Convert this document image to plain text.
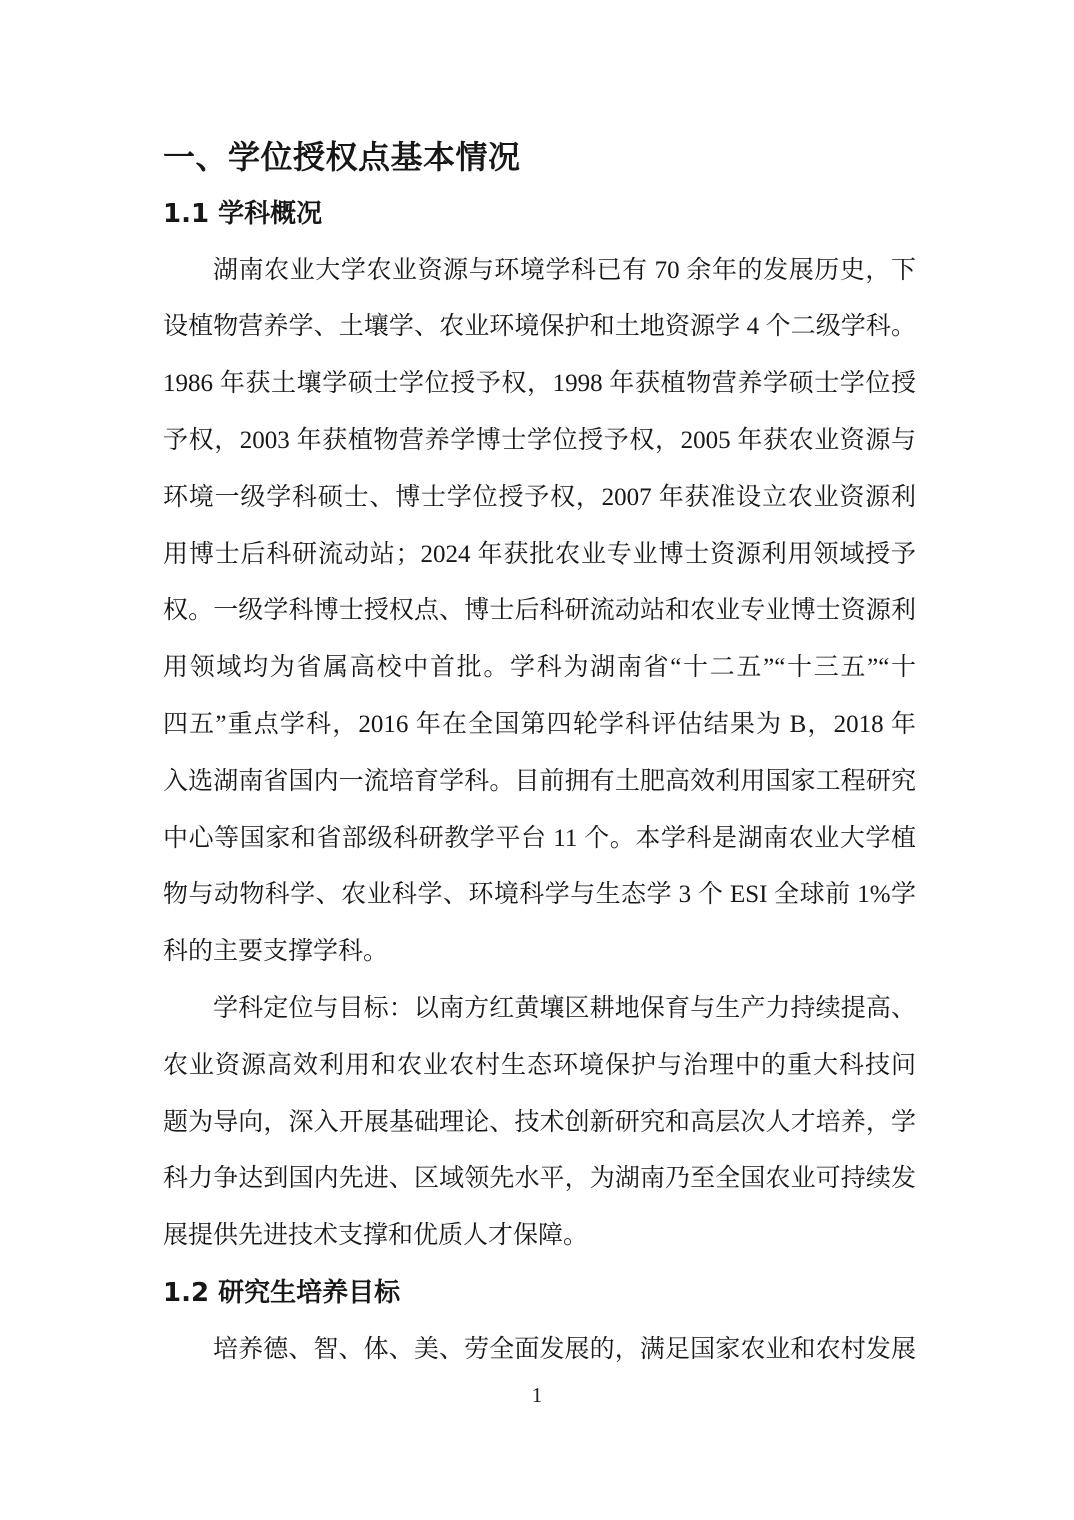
一、学位授权点基本情况
1.1 学科概况
湖南农业大学农业资源与环境学科已有 70 余年的发展历史，下
设植物营养学、土壤学、农业环境保护和土地资源学 4 个二级学科。
1986 年获土壤学硕士学位授予权，1998 年获植物营养学硕士学位授
予权，2003 年获植物营养学博士学位授予权，2005 年获农业资源与
环境一级学科硕士、博士学位授予权，2007 年获准设立农业资源利
用博士后科研流动站；2024 年获批农业专业博士资源利用领域授予
权。一级学科博士授权点、博士后科研流动站和农业专业博士资源利
用领域均为省属高校中首批。学科为湖南省“十二五”“十三五”“十
四五”重点学科，2016 年在全国第四轮学科评估结果为 B，2018 年
入选湖南省国内一流培育学科。目前拥有土肥高效利用国家工程研究
中心等国家和省部级科研教学平台 11 个。本学科是湖南农业大学植
物与动物科学、农业科学、环境科学与生态学 3 个 ESI 全球前 1%学
科的主要支撑学科。
学科定位与目标：以南方红黄壤区耕地保育与生产力持续提高、
农业资源高效利用和农业农村生态环境保护与治理中的重大科技问
题为导向，深入开展基础理论、技术创新研究和高层次人才培养，学
科力争达到国内先进、区域领先水平，为湖南乃至全国农业可持续发
展提供先进技术支撑和优质人才保障。
1.2 研究生培养目标
培养德、智、体、美、劳全面发展的，满足国家农业和农村发展
1
